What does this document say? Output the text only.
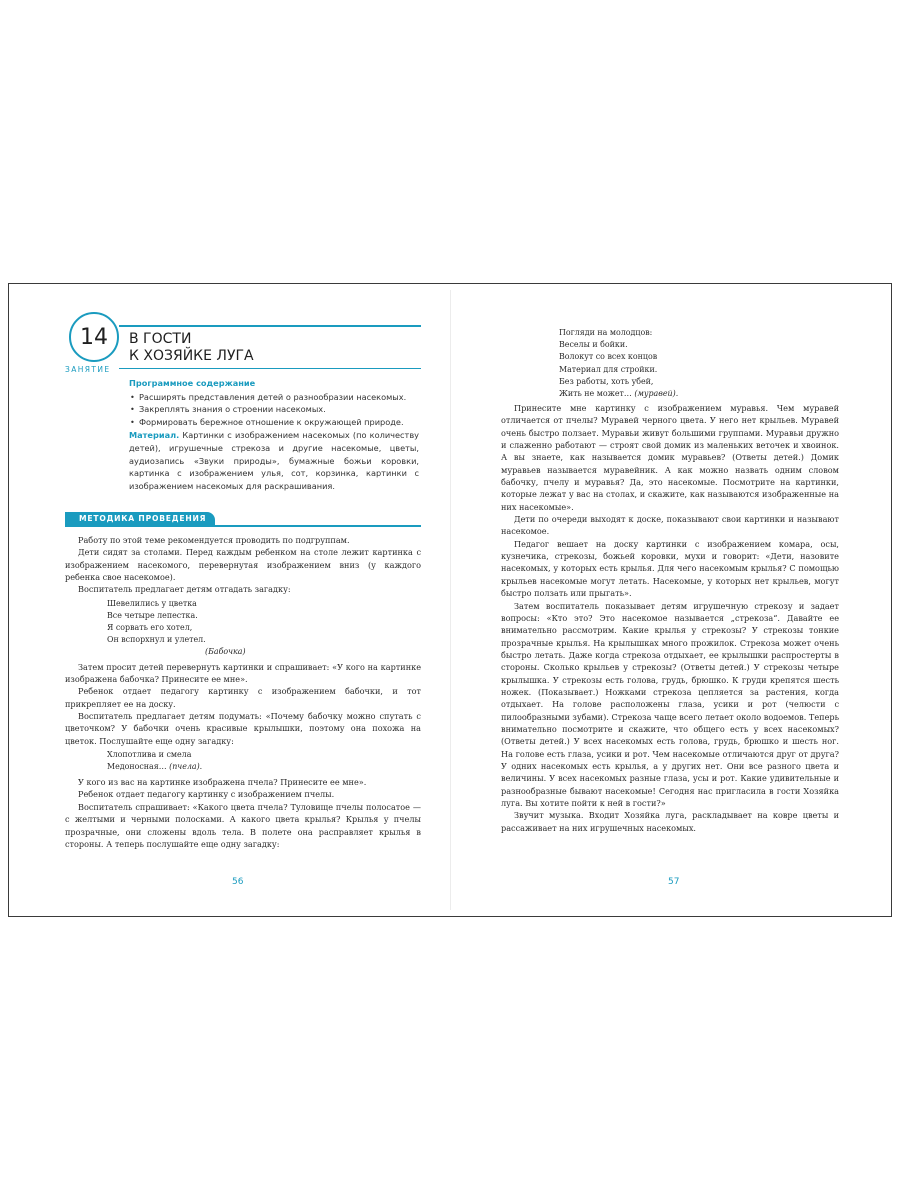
14
ЗАНЯТИЕ
В ГОСТИ
К ХОЗЯЙКЕ ЛУГА
Программное содержание
• Расширять представления детей о разнообразии насекомых.
• Закреплять знания о строении насекомых.
• Формировать бережное отношение к окружающей природе.
Материал. Картинки с изображением насекомых (по количеству детей), игрушечные стрекоза и другие насекомые, цветы, аудиозапись «Звуки природы», бумажные божьи коровки, картинка с изображением улья, сот, корзинка, картинки с изображением насекомых для раскрашивания.
МЕТОДИКА ПРОВЕДЕНИЯ

Работу по этой теме рекомендуется проводить по подгруппам.

Дети сидят за столами. Перед каждым ребенком на столе лежит картинка с изображением насекомого, перевернутая изображением вниз (у каждого ребенка свое насекомое).

Воспитатель предлагает детям отгадать загадку:

Шевелились у цветка
Все четыре лепестка.
Я сорвать его хотел,
Он вспорхнул и улетел.
(Бабочка)

Затем просит детей перевернуть картинки и спрашивает: «У кого на картинке изображена бабочка? Принесите ее мне».

Ребенок отдает педагогу картинку с изображением бабочки, и тот прикрепляет ее на доску.

Воспитатель предлагает детям подумать: «Почему бабочку можно спутать с цветочком? У бабочки очень красивые крылышки, поэтому она похожа на цветок. Послушайте еще одну загадку:

Хлопотлива и смела
Медоносная… (пчела).

У кого из вас на картинке изображена пчела? Принесите ее мне».

Ребенок отдает педагогу картинку с изображением пчелы.

Воспитатель спрашивает: «Какого цвета пчела? Туловище пчелы полосатое — с желтыми и черными полосками. А какого цвета крылья? Крылья у пчелы прозрачные, они сложены вдоль тела. В полете она расправляет крылья в стороны. А теперь послушайте еще одну загадку:

56
Погляди на молодцов:
Веселы и бойки.
Волокут со всех концов
Материал для стройки.
Без работы, хоть убей,
Жить не может… (муравей).

Принесите мне картинку с изображением муравья. Чем муравей отличается от пчелы? Муравей черного цвета. У него нет крыльев. Муравей очень быстро ползает. Муравьи живут большими группами. Муравьи дружно и слаженно работают — строят свой домик из маленьких веточек и хвоинок. А вы знаете, как называется домик муравьев? (Ответы детей.) Домик муравьев называется муравейник. А как можно назвать одним словом бабочку, пчелу и муравья? Да, это насекомые. Посмотрите на картинки, которые лежат у вас на столах, и скажите, как называются изображенные на них насекомые».

Дети по очереди выходят к доске, показывают свои картинки и называют насекомое.

Педагог вешает на доску картинки с изображением комара, осы, кузнечика, стрекозы, божьей коровки, мухи и говорит: «Дети, назовите насекомых, у которых есть крылья. Для чего насекомым крылья? С помощью крыльев насекомые могут летать. Насекомые, у которых нет крыльев, могут быстро ползать или прыгать».

Затем воспитатель показывает детям игрушечную стрекозу и задает вопросы: «Кто это? Это насекомое называется „стрекоза“. Давайте ее внимательно рассмотрим. Какие крылья у стрекозы? У стрекозы тонкие прозрачные крылья. На крылышках много прожилок. Стрекоза может очень быстро летать. Даже когда стрекоза отдыхает, ее крылышки распростерты в стороны. Сколько крыльев у стрекозы? (Ответы детей.) У стрекозы четыре крылышка. У стрекозы есть голова, грудь, брюшко. К груди крепятся шесть ножек. (Показывает.) Ножками стрекоза цепляется за растения, когда отдыхает. На голове расположены глаза, усики и рот (челюсти с пилообразными зубами). Стрекоза чаще всего летает около водоемов. Теперь внимательно посмотрите и скажите, что общего есть у всех насекомых? (Ответы детей.) У всех насекомых есть голова, грудь, брюшко и шесть ног. На голове есть глаза, усики и рот. Чем насекомые отличаются друг от друга? У одних насекомых есть крылья, а у других нет. Они все разного цвета и величины. У всех насекомых разные глаза, усы и рот. Какие удивительные и разнообразные бывают насекомые! Сегодня нас пригласила в гости Хозяйка луга. Вы хотите пойти к ней в гости?»

Звучит музыка. Входит Хозяйка луга, раскладывает на ковре цветы и рассаживает на них игрушечных насекомых.

57
